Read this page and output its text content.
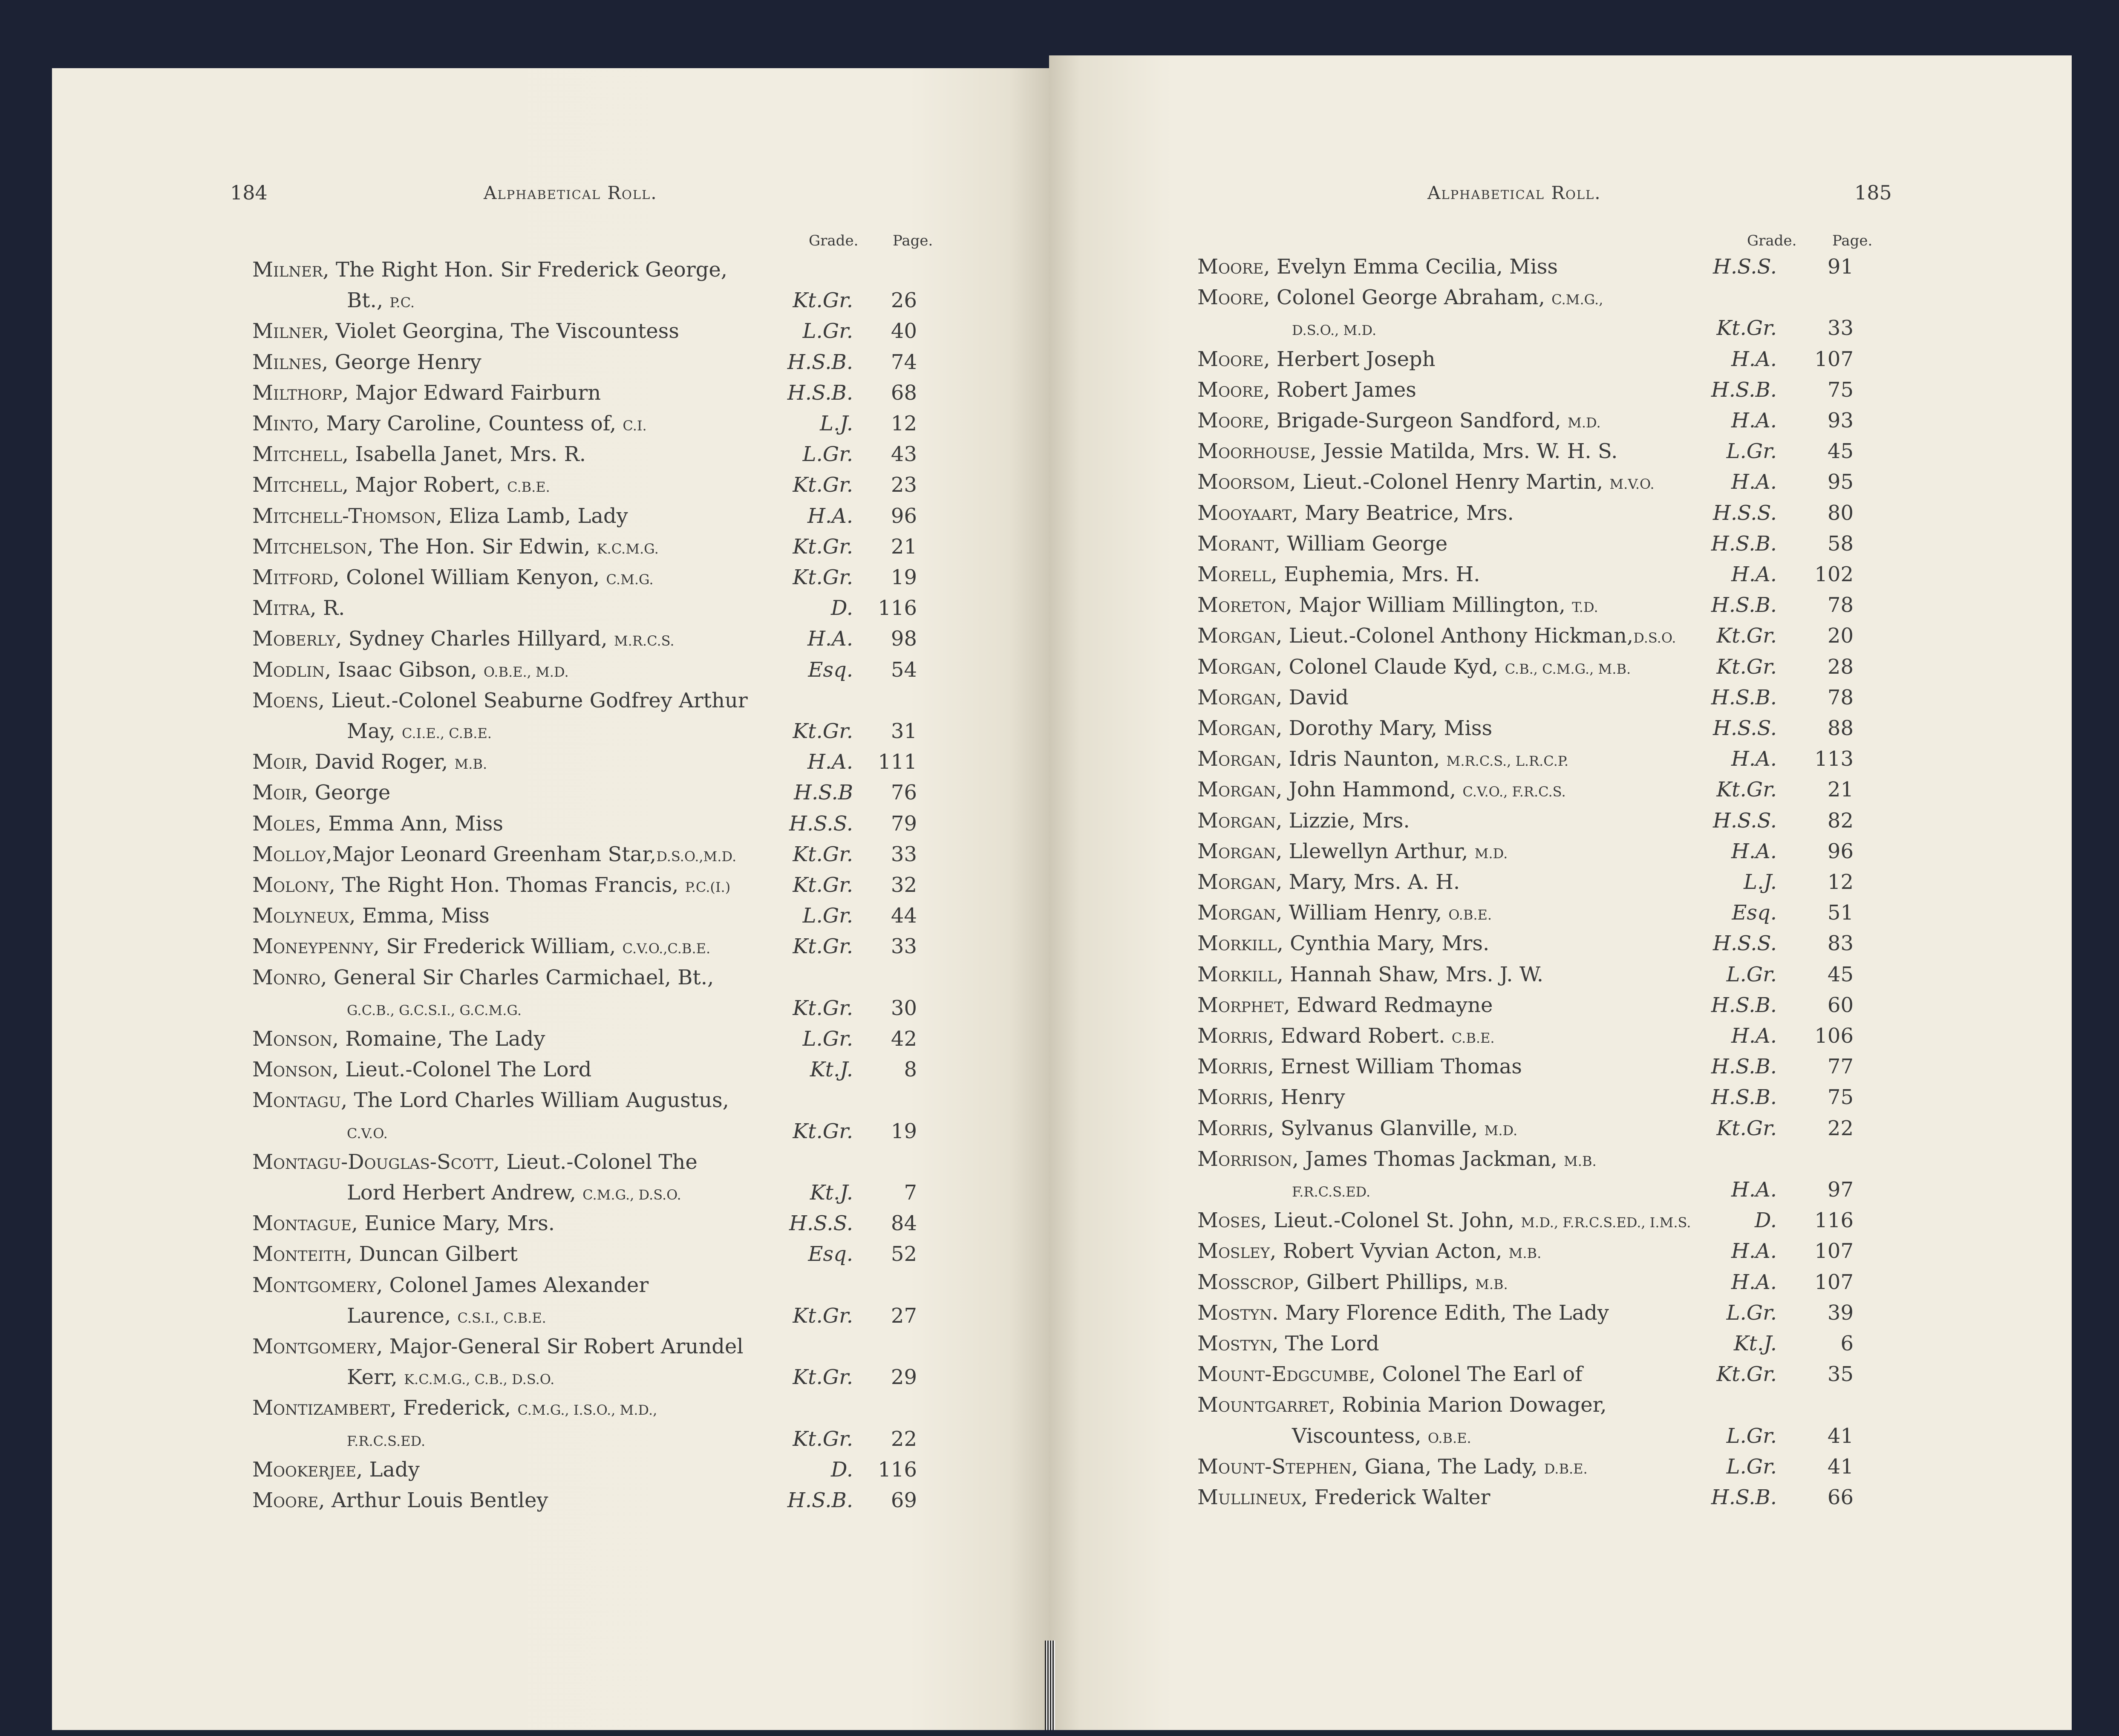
184	Alphabetical Roll.
Grade. Page.
Milner, The Right Hon. Sir Frederick George,
Bt., P.C.	Kt.Gr.	26
Milner, Violet Georgina, The Viscountess	L.Gr.	40
Milnes, George Henry	H.S.B.	74
Milthorp, Major Edward Fairburn	H.S.B.	68
Minto, Mary Caroline, Countess of, C.I.	L.J.	12
Mitchell, Isabella Janet, Mrs. R.	L.Gr.	43
Mitchell, Major Robert, C.B.E.	Kt.Gr.	23
Mitchell-Thomson, Eliza Lamb, Lady	H.A.	96
Mitchelson, The Hon. Sir Edwin, K.C.M.G.	Kt.Gr.	21
Mitford, Colonel William Kenyon, C.M.G.	Kt.Gr.	19
Mitra, R.	D.	116
Moberly, Sydney Charles Hillyard, M.R.C.S.	H.A.	98
Modlin, Isaac Gibson, O.B.E., M.D.	Esq.	54
Moens, Lieut.-Colonel Seaburne Godfrey Arthur
May, C.I.E., C.B.E.	Kt.Gr.	31
Moir, David Roger, M.B.	H.A.	111
Moir, George	H.S.B	76
Moles, Emma Ann, Miss	H.S.S.	79
Molloy,Major Leonard Greenham Star,D.S.O.,M.D.	Kt.Gr.	33
Molony, The Right Hon. Thomas Francis, P.C.(I.)	Kt.Gr.	32
Molyneux, Emma, Miss	L.Gr.	44
Moneypenny, Sir Frederick William, C.V.O.,C.B.E.	Kt.Gr.	33
Monro, General Sir Charles Carmichael, Bt.,
G.C.B., G.C.S.I., G.C.M.G.	Kt.Gr.	30
Monson, Romaine, The Lady	L.Gr.	42
Monson, Lieut.-Colonel The Lord	Kt.J.	8
Montagu, The Lord Charles William Augustus,
C.V.O.	Kt.Gr.	19
Montagu-Douglas-Scott, Lieut.-Colonel The
Lord Herbert Andrew, C.M.G., D.S.O.	Kt.J.	7
Montague, Eunice Mary, Mrs.	H.S.S.	84
Monteith, Duncan Gilbert	Esq.	52
Montgomery, Colonel James Alexander
Laurence, C.S.I., C.B.E.	Kt.Gr.	27
Montgomery, Major-General Sir Robert Arundel
Kerr, K.C.M.G., C.B., D.S.O.	Kt.Gr.	29
Montizambert, Frederick, C.M.G., I.S.O., M.D.,
F.R.C.S.ED.	Kt.Gr.	22
Mookerjee, Lady	D.	116
Moore, Arthur Louis Bentley	H.S.B.	69
Alphabetical Roll.	185
Grade. Page.
Moore, Evelyn Emma Cecilia, Miss	H.S.S.	91
Moore, Colonel George Abraham, C.M.G.,
D.S.O., M.D.	Kt.Gr.	33
Moore, Herbert Joseph	H.A.	107
Moore, Robert James	H.S.B.	75
Moore, Brigade-Surgeon Sandford, M.D.	H.A.	93
Moorhouse, Jessie Matilda, Mrs. W. H. S.	L.Gr.	45
Moorsom, Lieut.-Colonel Henry Martin, M.V.O.	H.A.	95
Mooyaart, Mary Beatrice, Mrs.	H.S.S.	80
Morant, William George	H.S.B.	58
Morell, Euphemia, Mrs. H.	H.A.	102
Moreton, Major William Millington, T.D.	H.S.B.	78
Morgan, Lieut.-Colonel Anthony Hickman,D.S.O.	Kt.Gr.	20
Morgan, Colonel Claude Kyd, C.B., C.M.G., M.B.	Kt.Gr.	28
Morgan, David	H.S.B.	78
Morgan, Dorothy Mary, Miss	H.S.S.	88
Morgan, Idris Naunton, M.R.C.S., L.R.C.P.	H.A.	113
Morgan, John Hammond, C.V.O., F.R.C.S.	Kt.Gr.	21
Morgan, Lizzie, Mrs.	H.S.S.	82
Morgan, Llewellyn Arthur, M.D.	H.A.	96
Morgan, Mary, Mrs. A. H.	L.J.	12
Morgan, William Henry, O.B.E.	Esq.	51
Morkill, Cynthia Mary, Mrs.	H.S.S.	83
Morkill, Hannah Shaw, Mrs. J. W.	L.Gr.	45
Morphet, Edward Redmayne	H.S.B.	60
Morris, Edward Robert. C.B.E.	H.A.	106
Morris, Ernest William Thomas	H.S.B.	77
Morris, Henry	H.S.B.	75
Morris, Sylvanus Glanville, M.D.	Kt.Gr.	22
Morrison, James Thomas Jackman, M.B.
F.R.C.S.ED.	H.A.	97
Moses, Lieut.-Colonel St. John, M.D., F.R.C.S.ED., I.M.S.	D.	116
Mosley, Robert Vyvian Acton, M.B.	H.A.	107
Mosscrop, Gilbert Phillips, M.B.	H.A.	107
Mostyn. Mary Florence Edith, The Lady	L.Gr.	39
Mostyn, The Lord	Kt.J.	6
Mount-Edgcumbe, Colonel The Earl of	Kt.Gr.	35
Mountgarret, Robinia Marion Dowager,
Viscountess, O.B.E.	L.Gr.	41
Mount-Stephen, Giana, The Lady, D.B.E.	L.Gr.	41
Mullineux, Frederick Walter	H.S.B.	66
